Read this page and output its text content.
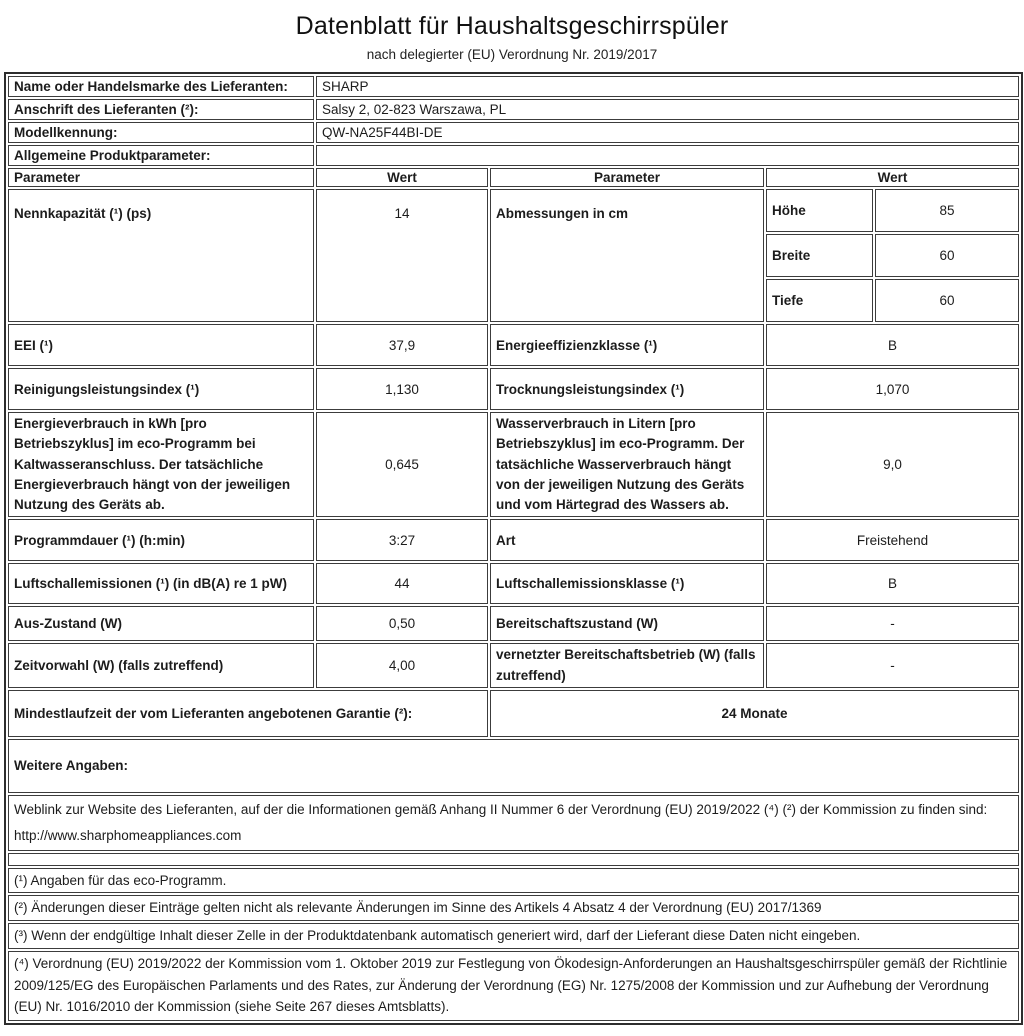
Datenblatt für Haushaltsgeschirrspüler
nach delegierter (EU) Verordnung Nr. 2019/2017
Name oder Handelsmarke des Lieferanten:	SHARP			
Anschrift des Lieferanten (²):	Salsy 2, 02-823 Warszawa, PL			
Modellkennung:	QW-NA25F44BI-DE			
Allgemeine Produktparameter:				
Parameter	Wert	Parameter	Wert	
Nennkapazität (¹) (ps)	14	Abmessungen in cm	Höhe	85
			Breite	60
			Tiefe	60
EEI (¹)	37,9	Energieeffizienzklasse (¹)	B	
Reinigungsleistungsindex (¹)	1,130	Trocknungsleistungsindex (¹)	1,070	
Energieverbrauch in kWh [pro Betriebszyklus] im eco-Programm bei Kaltwasseranschluss. Der tatsächliche Energieverbrauch hängt von der jeweiligen Nutzung des Geräts ab.	0,645	Wasserverbrauch in Litern [pro Betriebszyklus] im eco-Programm. Der tatsächliche Wasserverbrauch hängt von der jeweiligen Nutzung des Geräts und vom Härtegrad des Wassers ab.	9,0	
Programmdauer (¹) (h:min)	3:27	Art	Freistehend	
Luftschallemissionen (¹) (in dB(A) re 1 pW)	44	Luftschallemissionsklasse (¹)	B	
Aus-Zustand (W)	0,50	Bereitschaftszustand (W)	-	
Zeitvorwahl (W) (falls zutreffend)	4,00	vernetzter Bereitschaftsbetrieb (W) (falls zutreffend)	-	
Mindestlaufzeit der vom Lieferanten angebotenen Garantie (²):		24 Monate		
Weitere Angaben:				
Weblink zur Website des Lieferanten, auf der die Informationen gemäß Anhang II Nummer 6 der Verordnung (EU) 2019/2022 (⁴) (²) der Kommission zu finden sind: http://www.sharphomeappliances.com				

(¹) Angaben für das eco-Programm.				
(²) Änderungen dieser Einträge gelten nicht als relevante Änderungen im Sinne des Artikels 4 Absatz 4 der Verordnung (EU) 2017/1369				
(³) Wenn der endgültige Inhalt dieser Zelle in der Produktdatenbank automatisch generiert wird, darf der Lieferant diese Daten nicht eingeben.				
(⁴) Verordnung (EU) 2019/2022 der Kommission vom 1. Oktober 2019 zur Festlegung von Ökodesign-Anforderungen an Haushaltsgeschirrspüler gemäß der Richtlinie 2009/125/EG des Europäischen Parlaments und des Rates, zur Änderung der Verordnung (EG) Nr. 1275/2008 der Kommission und zur Aufhebung der Verordnung (EU) Nr. 1016/2010 der Kommission (siehe Seite 267 dieses Amtsblatts).				
